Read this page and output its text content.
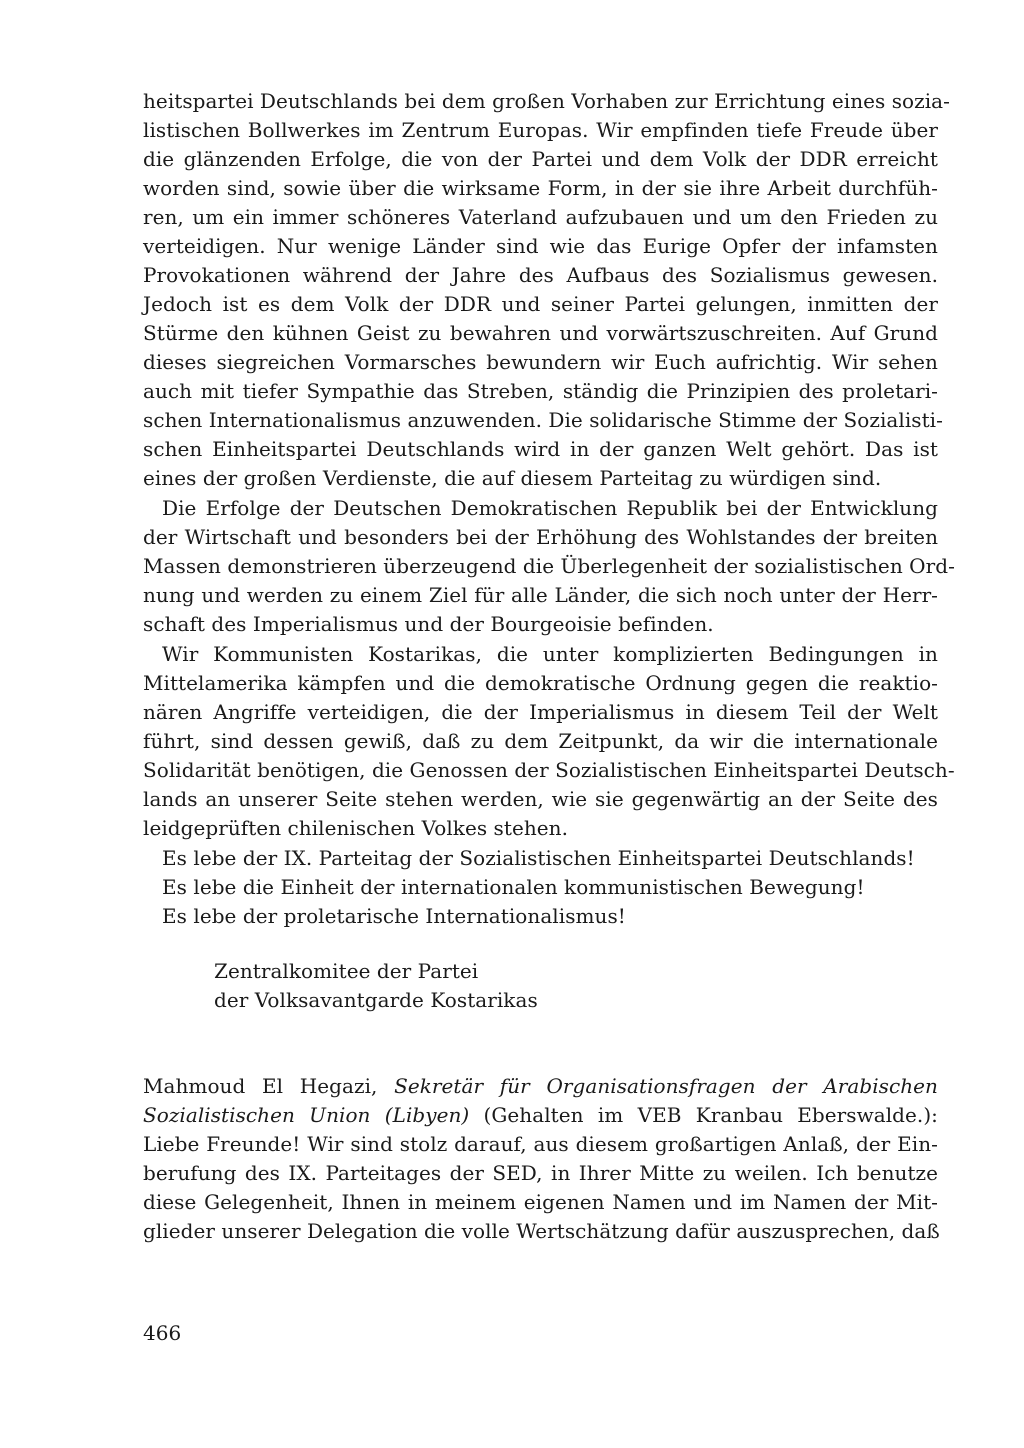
heitspartei Deutschlands bei dem großen Vorhaben zur Errichtung eines sozia-
listischen Bollwerkes im Zentrum Europas. Wir empfinden tiefe Freude über
die glänzenden Erfolge, die von der Partei und dem Volk der DDR erreicht
worden sind, sowie über die wirksame Form, in der sie ihre Arbeit durchfüh-
ren, um ein immer schöneres Vaterland aufzubauen und um den Frieden zu
verteidigen. Nur wenige Länder sind wie das Eurige Opfer der infamsten
Provokationen während der Jahre des Aufbaus des Sozialismus gewesen.
Jedoch ist es dem Volk der DDR und seiner Partei gelungen, inmitten der
Stürme den kühnen Geist zu bewahren und vorwärtszuschreiten. Auf Grund
dieses siegreichen Vormarsches bewundern wir Euch aufrichtig. Wir sehen
auch mit tiefer Sympathie das Streben, ständig die Prinzipien des proletari-
schen Internationalismus anzuwenden. Die solidarische Stimme der Sozialisti-
schen Einheitspartei Deutschlands wird in der ganzen Welt gehört. Das ist
eines der großen Verdienste, die auf diesem Parteitag zu würdigen sind.
Die Erfolge der Deutschen Demokratischen Republik bei der Entwicklung
der Wirtschaft und besonders bei der Erhöhung des Wohlstandes der breiten
Massen demonstrieren überzeugend die Überlegenheit der sozialistischen Ord-
nung und werden zu einem Ziel für alle Länder, die sich noch unter der Herr-
schaft des Imperialismus und der Bourgeoisie befinden.
Wir Kommunisten Kostarikas, die unter komplizierten Bedingungen in
Mittelamerika kämpfen und die demokratische Ordnung gegen die reaktio-
nären Angriffe verteidigen, die der Imperialismus in diesem Teil der Welt
führt, sind dessen gewiß, daß zu dem Zeitpunkt, da wir die internationale
Solidarität benötigen, die Genossen der Sozialistischen Einheitspartei Deutsch-
lands an unserer Seite stehen werden, wie sie gegenwärtig an der Seite des
leidgeprüften chilenischen Volkes stehen.
Es lebe der IX. Parteitag der Sozialistischen Einheitspartei Deutschlands!
Es lebe die Einheit der internationalen kommunistischen Bewegung!
Es lebe der proletarische Internationalismus!
Zentralkomitee der Partei
der Volksavantgarde Kostarikas
Mahmoud El Hegazi, Sekretär für Organisationsfragen der Arabischen
Sozialistischen Union (Libyen) (Gehalten im VEB Kranbau Eberswalde.):
Liebe Freunde! Wir sind stolz darauf, aus diesem großartigen Anlaß, der Ein-
berufung des IX. Parteitages der SED, in Ihrer Mitte zu weilen. Ich benutze
diese Gelegenheit, Ihnen in meinem eigenen Namen und im Namen der Mit-
glieder unserer Delegation die volle Wertschätzung dafür auszusprechen, daß
466
